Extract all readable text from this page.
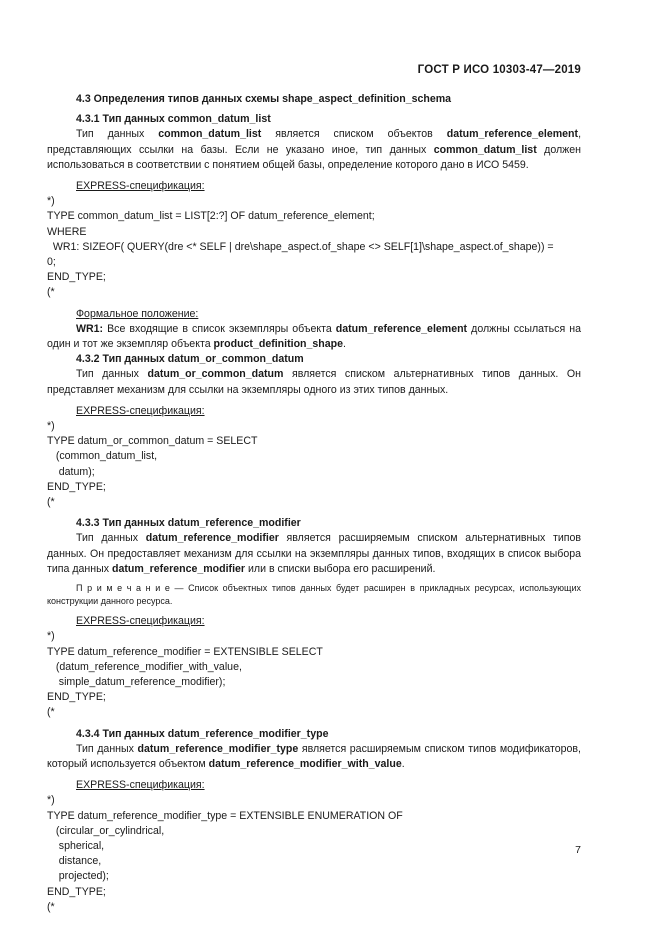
ГОСТ Р ИСО 10303-47—2019

4.3 Определения типов данных схемы shape_aspect_definition_schema

4.3.1 Тип данных common_datum_list

Тип данных common_datum_list является списком объектов datum_reference_element, представляющих ссылки на базы. Если не указано иное, тип данных common_datum_list должен использоваться в соответствии с понятием общей базы, определение которого дано в ИСО 5459.

EXPRESS-спецификация:

*)
TYPE common_datum_list = LIST[2:?] OF datum_reference_element;
WHERE
WR1: SIZEOF( QUERY(dre <* SELF | dre\shape_aspect.of_shape <> SELF[1]\shape_aspect.of_shape)) =
0;
END_TYPE;
(*

Формальное положение:

WR1: Все входящие в список экземпляры объекта datum_reference_element должны ссылаться на один и тот же экземпляр объекта product_definition_shape.

4.3.2 Тип данных datum_or_common_datum

Тип данных datum_or_common_datum является списком альтернативных типов данных. Он представляет механизм для ссылки на экземпляры одного из этих типов данных.

EXPRESS-спецификация:

*)
TYPE datum_or_common_datum = SELECT
(common_datum_list,
datum);
END_TYPE;
(*

4.3.3 Тип данных datum_reference_modifier

Тип данных datum_reference_modifier является расширяемым списком альтернативных типов данных. Он предоставляет механизм для ссылки на экземпляры данных типов, входящих в список выбора типа данных datum_reference_modifier или в списки выбора его расширений.

П р и м е ч а н и е — Список объектных типов данных будет расширен в прикладных ресурсах, использующих конструкции данного ресурса.

EXPRESS-спецификация:

*)
TYPE datum_reference_modifier = EXTENSIBLE SELECT
(datum_reference_modifier_with_value,
simple_datum_reference_modifier);
END_TYPE;
(*

4.3.4 Тип данных datum_reference_modifier_type

Тип данных datum_reference_modifier_type является расширяемым списком типов модификаторов, который используется объектом datum_reference_modifier_with_value.

EXPRESS-спецификация:

*)
TYPE datum_reference_modifier_type = EXTENSIBLE ENUMERATION OF
(circular_or_cylindrical,
spherical,
distance,
projected);
END_TYPE;
(*

7
